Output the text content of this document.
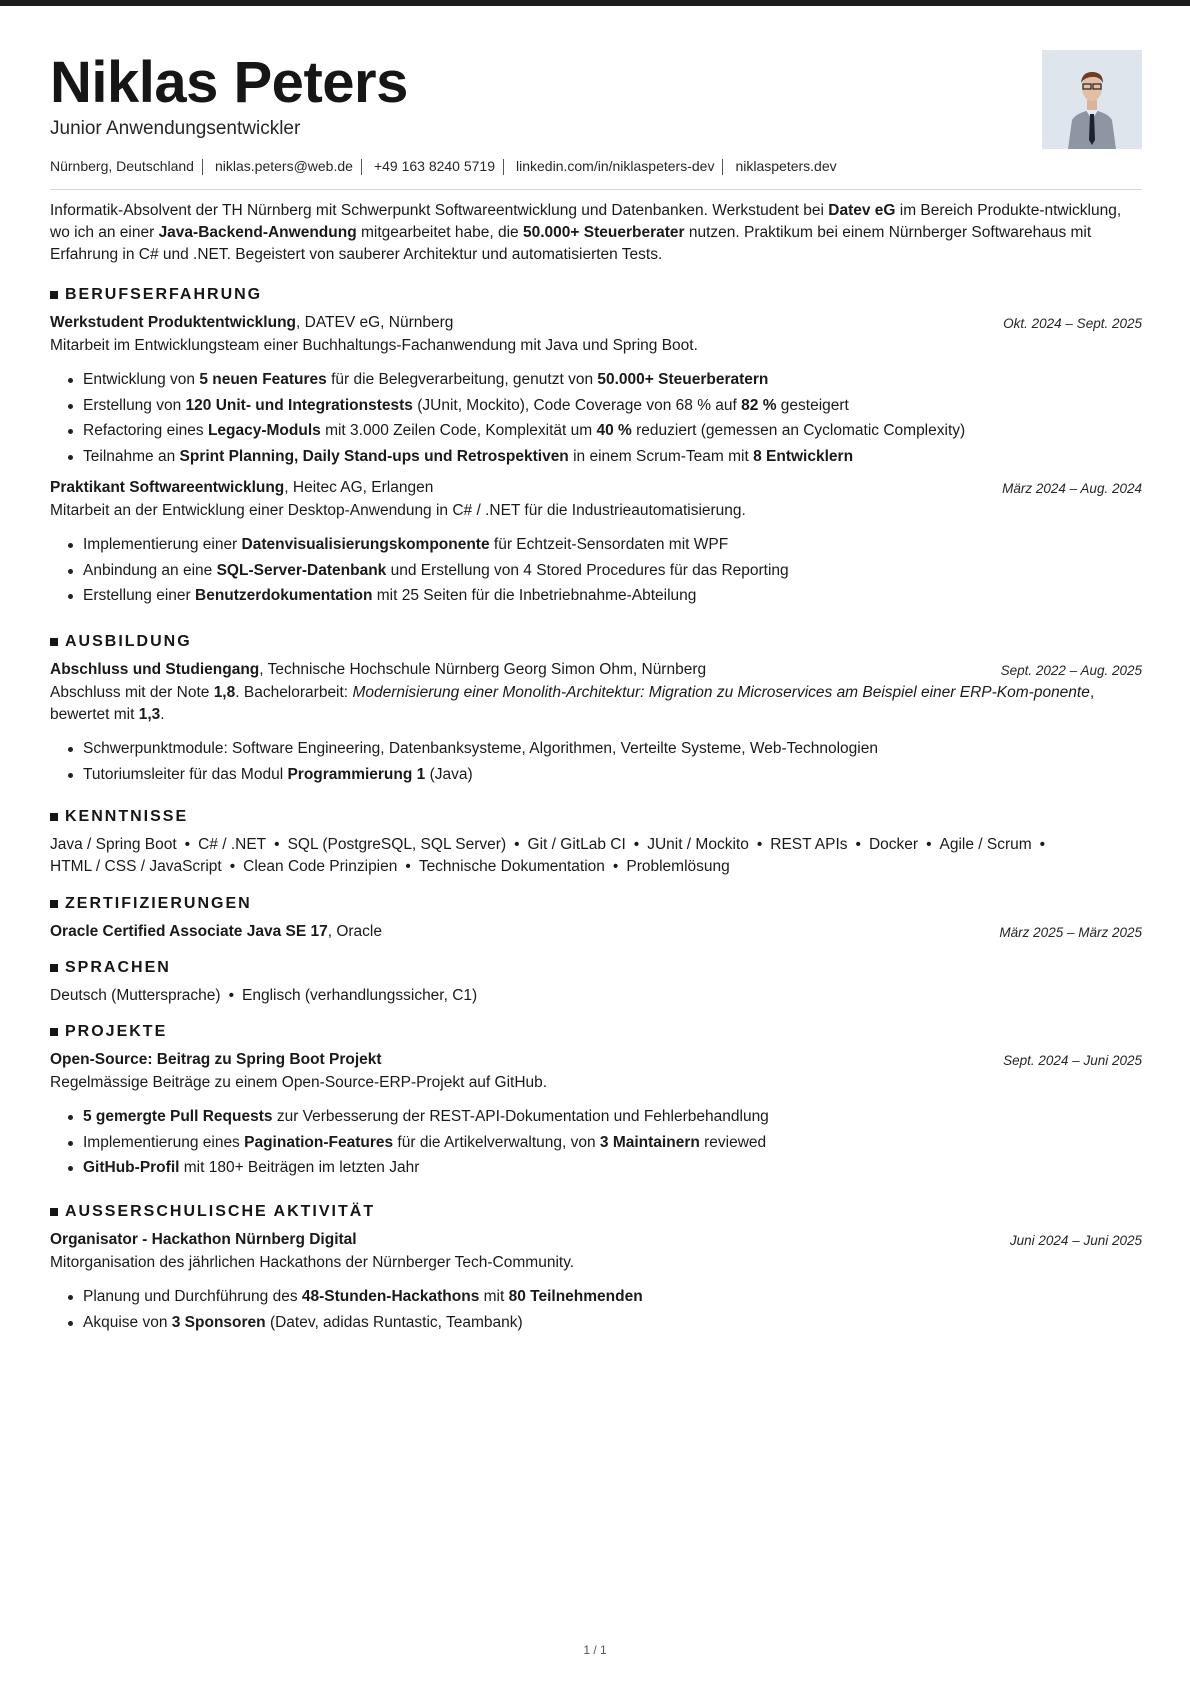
Niklas Peters
Junior Anwendungsentwickler
Nürnberg, Deutschland niklas.peters@web.de +49 163 8240 5719 linkedin.com/in/niklaspeters-dev niklaspeters.dev
Informatik-Absolvent der TH Nürnberg mit Schwerpunkt Softwareentwicklung und Datenbanken. Werkstudent bei Datev eG im Bereich Produkte-ntwicklung, wo ich an einer Java-Backend-Anwendung mitgearbeitet habe, die 50.000+ Steuerberater nutzen. Praktikum bei einem Nürnberger Softwarehaus mit Erfahrung in C# und .NET. Begeistert von sauberer Architektur und automatisierten Tests.
BERUFSERFAHRUNG
Werkstudent Produktentwicklung, DATEV eG, Nürnberg	Okt. 2024 – Sept. 2025
Mitarbeit im Entwicklungsteam einer Buchhaltungs-Fachanwendung mit Java und Spring Boot.
Entwicklung von 5 neuen Features für die Belegverarbeitung, genutzt von 50.000+ Steuerberatern
Erstellung von 120 Unit- und Integrationstests (JUnit, Mockito), Code Coverage von 68 % auf 82 % gesteigert
Refactoring eines Legacy-Moduls mit 3.000 Zeilen Code, Komplexität um 40 % reduziert (gemessen an Cyclomatic Complexity)
Teilnahme an Sprint Planning, Daily Stand-ups und Retrospektiven in einem Scrum-Team mit 8 Entwicklern
Praktikant Softwareentwicklung, Heitec AG, Erlangen	März 2024 – Aug. 2024
Mitarbeit an der Entwicklung einer Desktop-Anwendung in C# / .NET für die Industrieautomatisierung.
Implementierung einer Datenvisualisierungskomponente für Echtzeit-Sensordaten mit WPF
Anbindung an eine SQL-Server-Datenbank und Erstellung von 4 Stored Procedures für das Reporting
Erstellung einer Benutzerdokumentation mit 25 Seiten für die Inbetriebnahme-Abteilung
AUSBILDUNG
Abschluss und Studiengang, Technische Hochschule Nürnberg Georg Simon Ohm, Nürnberg	Sept. 2022 – Aug. 2025
Abschluss mit der Note 1,8. Bachelorarbeit: Modernisierung einer Monolith-Architektur: Migration zu Microservices am Beispiel einer ERP-Kom-ponente, bewertet mit 1,3.
Schwerpunktmodule: Software Engineering, Datenbanksysteme, Algorithmen, Verteilte Systeme, Web-Technologien
Tutoriumsleiter für das Modul Programmierung 1 (Java)
KENNTNISSE
Java / Spring Boot • C# / .NET • SQL (PostgreSQL, SQL Server) • Git / GitLab CI • JUnit / Mockito • REST APIs • Docker • Agile / Scrum •HTML / CSS / JavaScript • Clean Code Prinzipien • Technische Dokumentation • Problemlösung
ZERTIFIZIERUNGEN
Oracle Certified Associate Java SE 17, Oracle	März 2025 – März 2025
SPRACHEN
Deutsch (Muttersprache) • Englisch (verhandlungssicher, C1)
PROJEKTE
Open-Source: Beitrag zu Spring Boot Projekt	Sept. 2024 – Juni 2025
Regelmässige Beiträge zu einem Open-Source-ERP-Projekt auf GitHub.
5 gemergte Pull Requests zur Verbesserung der REST-API-Dokumentation und Fehlerbehandlung
Implementierung eines Pagination-Features für die Artikelverwaltung, von 3 Maintainern reviewed
GitHub-Profil mit 180+ Beiträgen im letzten Jahr
AUSSERSCHULISCHE AKTIVITÄT
Organisator - Hackathon Nürnberg Digital	Juni 2024 – Juni 2025
Mitorganisation des jährlichen Hackathons der Nürnberger Tech-Community.
Planung und Durchführung des 48-Stunden-Hackathons mit 80 Teilnehmenden
Akquise von 3 Sponsoren (Datev, adidas Runtastic, Teambank)
1 / 1
